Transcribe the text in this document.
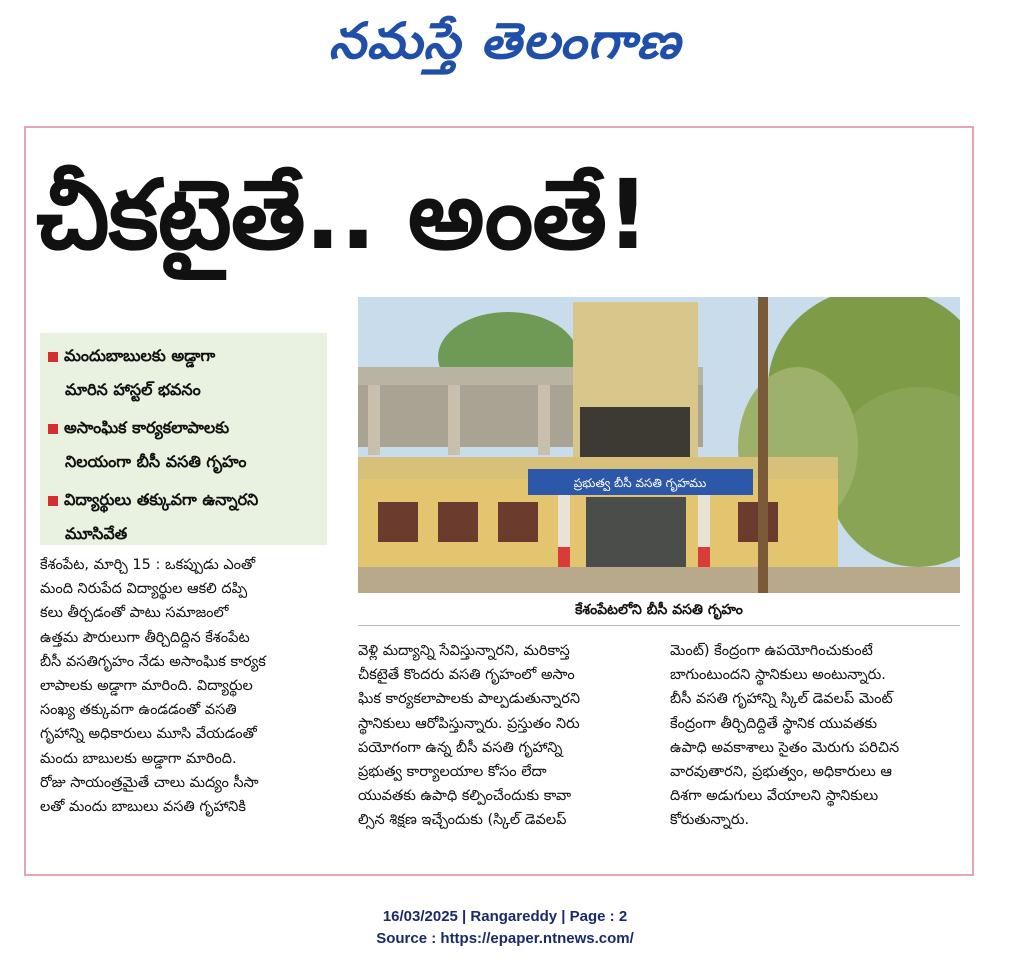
నమస్తే తెలంగాణ
చీకటైతే.. అంతే!
మందుబాబులకు అడ్డాగా
మారిన హాస్టల్ భవనం
అసాంఘిక కార్యకలాపాలకు
నిలయంగా బీసీ వసతి గృహం
విద్యార్థులు తక్కువగా ఉన్నారని
మూసివేత
ప్రభుత్వ బీసీ వసతి గృహము
కేశంపేటలోని బీసీ వసతి గృహం
కేశంపేట, మార్చి 15 : ఒకప్పుడు ఎంతో
మంది నిరుపేద విద్యార్థుల ఆకలి దప్పి
కలు తీర్చడంతో పాటు సమాజంలో
ఉత్తమ పౌరులుగా తీర్చిదిద్దిన కేశంపేట
బీసీ వసతిగృహం నేడు అసాంఘిక కార్యక
లాపాలకు అడ్డాగా మారింది. విద్యార్థుల
సంఖ్య తక్కువగా ఉండడంతో వసతి
గృహాన్ని అధికారులు మూసి వేయడంతో
మందు బాబులకు అడ్డాగా మారింది.
రోజు సాయంత్రమైతే చాలు మద్యం సీసా
లతో మందు బాబులు వసతి గృహానికి
వెళ్లి మద్యాన్ని సేవిస్తున్నారని, మరికాస్త
చీకటైతే కొందరు వసతి గృహంలో అసాం
ఘిక కార్యకలాపాలకు పాల్పడుతున్నారని
స్థానికులు ఆరోపిస్తున్నారు. ప్రస్తుతం నిరు
పయోగంగా ఉన్న బీసీ వసతి గృహాన్ని
ప్రభుత్వ కార్యాలయాల కోసం లేదా
యువతకు ఉపాధి కల్పించేందుకు కావా
ల్సిన శిక్షణ ఇచ్చేందుకు (స్కిల్ డెవలప్
మెంట్) కేంద్రంగా ఉపయోగించుకుంటే
బాగుంటుందని స్థానికులు అంటున్నారు.
బీసీ వసతి గృహాన్ని స్కిల్ డెవలప్ మెంట్
కేంద్రంగా తీర్చిదిద్దితే స్థానిక యువతకు
ఉపాధి అవకాశాలు సైతం మెరుగు పరిచిన
వారవుతారని, ప్రభుత్వం, అధికారులు ఆ
దిశగా అడుగులు వేయాలని స్థానికులు
కోరుతున్నారు.
16/03/2025 | Rangareddy | Page : 2
Source : https://epaper.ntnews.com/
